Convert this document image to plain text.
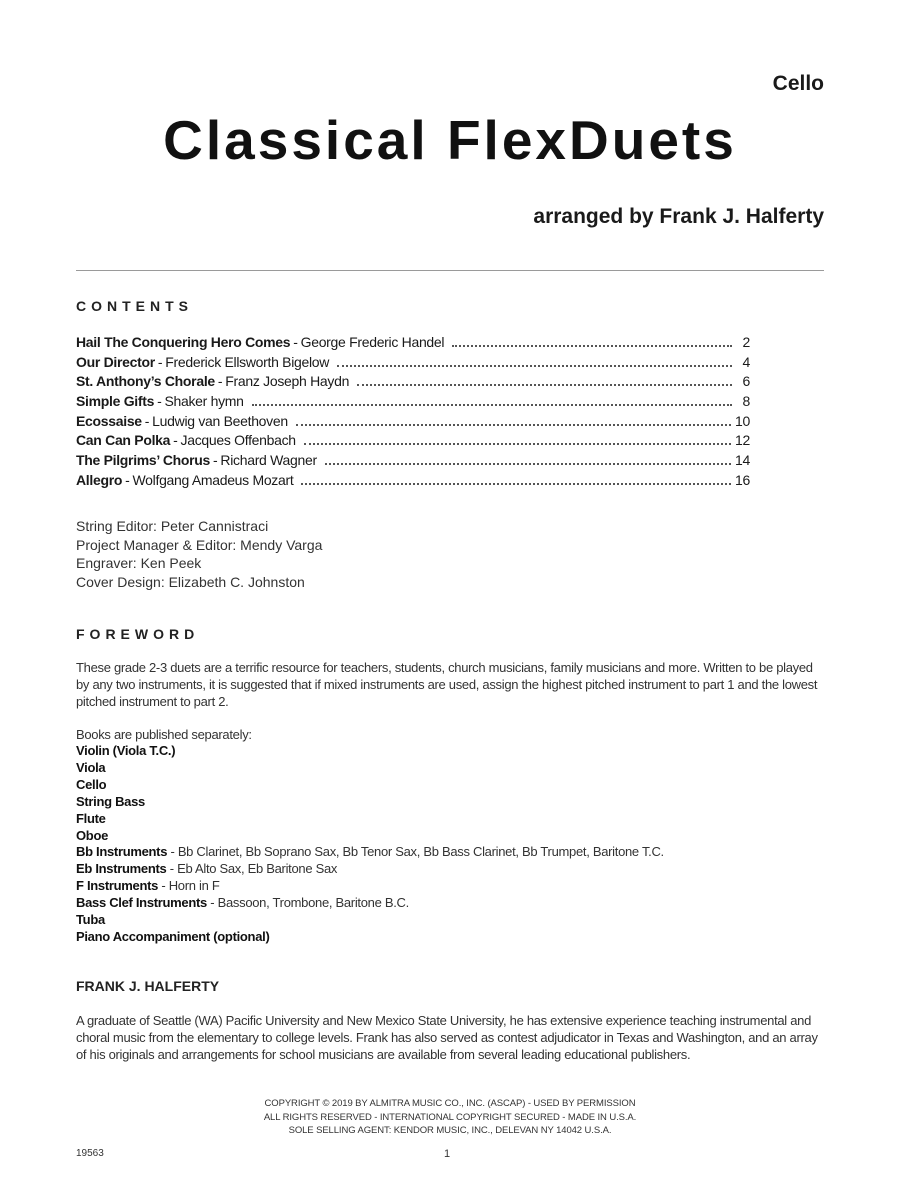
Cello
Classical FlexDuets
arranged by Frank J. Halferty
CONTENTS
Hail The Conquering Hero Comes - George Frederic Handel	2
Our Director - Frederick Ellsworth Bigelow	4
St. Anthony’s Chorale - Franz Joseph Haydn	6
Simple Gifts - Shaker hymn	8
Ecossaise - Ludwig van Beethoven	10
Can Can Polka - Jacques Offenbach	12
The Pilgrims’ Chorus - Richard Wagner	14
Allegro - Wolfgang Amadeus Mozart	16
String Editor: Peter Cannistraci
Project Manager & Editor: Mendy Varga
Engraver: Ken Peek
Cover Design: Elizabeth C. Johnston
FOREWORD
These grade 2-3 duets are a terrific resource for teachers, students, church musicians, family musicians and more. Written to be played by any two instruments, it is suggested that if mixed instruments are used, assign the highest pitched instrument to part 1 and the lowest pitched instrument to part 2.
Books are published separately:
Violin (Viola T.C.)
Viola
Cello
String Bass
Flute
Oboe
Bb Instruments - Bb Clarinet, Bb Soprano Sax, Bb Tenor Sax, Bb Bass Clarinet, Bb Trumpet, Baritone T.C.
Eb Instruments - Eb Alto Sax, Eb Baritone Sax
F Instruments - Horn in F
Bass Clef Instruments - Bassoon, Trombone, Baritone B.C.
Tuba
Piano Accompaniment (optional)
FRANK J. HALFERTY
A graduate of Seattle (WA) Pacific University and New Mexico State University, he has extensive experience teaching instrumental and choral music from the elementary to college levels. Frank has also served as contest adjudicator in Texas and Washington, and an array of his originals and arrangements for school musicians are available from several leading educational publishers.
COPYRIGHT © 2019 BY ALMITRA MUSIC CO., INC. (ASCAP) - USED BY PERMISSION
ALL RIGHTS RESERVED - INTERNATIONAL COPYRIGHT SECURED - MADE IN U.S.A.
SOLE SELLING AGENT: KENDOR MUSIC, INC., DELEVAN NY 14042 U.S.A.
19563	1
